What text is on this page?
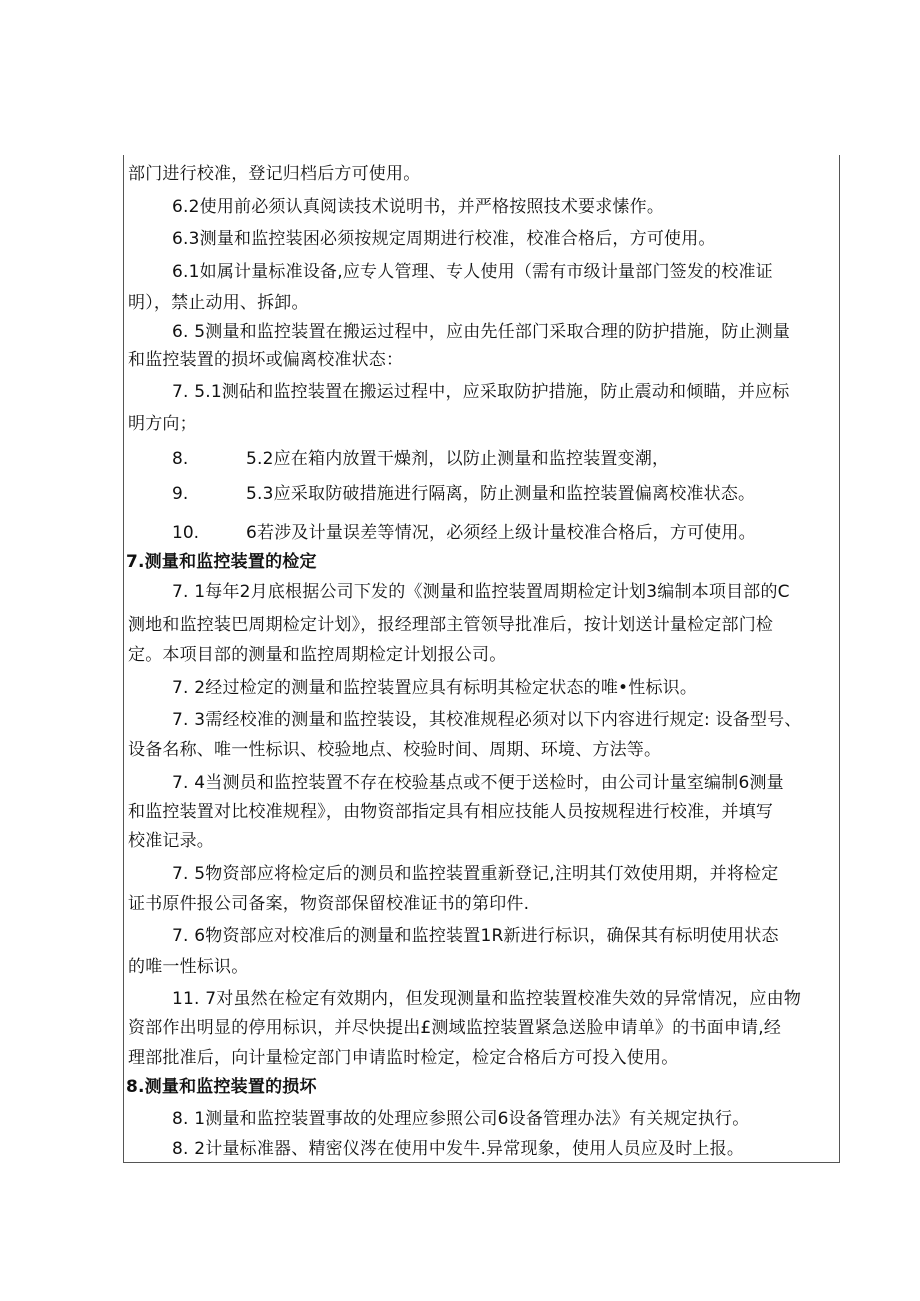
部门进行校准，登记归档后方可使用。
6.2使用前必须认真阅读技术说明书，并严格按照技术要求愫作。
6.3测量和监控装困必须按规定周期进行校准，校准合格后，方可使用。
6.1如属计量标准设备,应专人管理、专人使用（需有市级计量部门签发的校准证
明），禁止动用、拆卸。
6. 5测量和监控装置在搬运过程中，应由先任部门采取合理的防护措施，防止测量
和监控装置的损坏或偏离校准状态：
7. 5.1测砧和监控装置在搬运过程中，应采取防护措施，防止震动和倾瞄，并应标
明方向；
8.	5.2应在箱内放置干燥剂，以防止测量和监控装置变潮，
9.	5.3应采取防破措施进行隔离，防止测量和监控装置偏离校准状态。
10.	6若涉及计量误差等情况，必须经上级计量校准合格后，方可使用。
7.测量和监控装置的检定
7. 1每年2月底根据公司下发的《测量和监控装置周期检定计划3编制本项目部的C
测地和监控装巴周期检定计划》，报经理部主管领导批准后，按计划送计量检定部门检
定。本项目部的测量和监控周期检定计划报公司。
7. 2经过检定的测量和监控装置应具有标明其检定状态的唯•性标识。
7. 3需经校准的测量和监控装设，其校准规程必须对以下内容进行规定: 设备型号、
设备名称、唯一性标识、校验地点、校验时间、周期、环境、方法等。
7. 4当测员和监控装置不存在校验基点或不便于送检时，由公司计量室编制6测量
和监控装置对比校准规程》，由物资部指定具有相应技能人员按规程进行校准，并填写
校准记录。
7. 5物资部应将检定后的测员和监控装置重新登记,注明其仃效使用期，并将检定
证书原件报公司备案，物资部保留校准证书的第印件.
7. 6物资部应对校准后的测量和监控装置1R新进行标识，确保其有标明使用状态
的唯一性标识。
11. 7对虽然在检定有效期内，但发现测量和监控装置校准失效的异常情况，应由物
资部作出明显的停用标识，并尽快提出£测域监控装置紧急送脸申请单》的书面申请,经
理部批准后，向计量检定部门申请监时检定，检定合格后方可投入使用。
8.测量和监控装置的损坏
8. 1测量和监控装置事故的处理应参照公司6设备管理办法》有关规定执行。
8. 2计量标准器、精密仪涔在使用中发牛.异常现象，使用人员应及时上报。
